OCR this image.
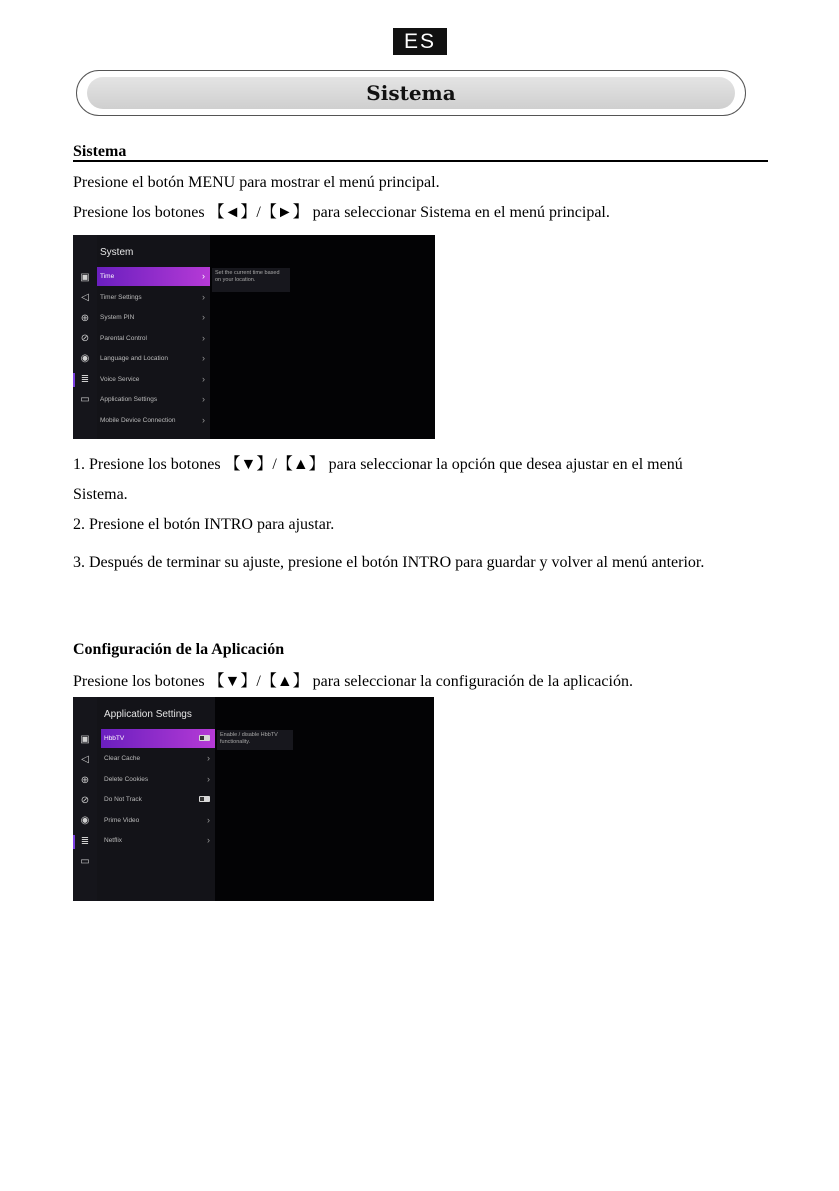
ES
Sistema
Sistema
Presione el botón MENU para mostrar el menú principal.
Presione los botones 【◄】/【►】 para seleccionar Sistema en el menú principal.
▣
◁
⊕
⊘
◉
≣
▭
System
Time	›
Timer Settings	›
System PIN	›
Parental Control	›
Language and Location	›
Voice Service	›
Application Settings	›
Mobile Device Connection	›
Set the current time based on your location.
1. Presione los botones 【▼】/【▲】 para seleccionar la opción que desea ajustar en el menú
Sistema.
2. Presione el botón INTRO para ajustar.
3. Después de terminar su ajuste, presione el botón INTRO para guardar y volver al menú anterior.
Configuración de la Aplicación
Presione los botones 【▼】/【▲】 para seleccionar la configuración de la aplicación.
▣
◁
⊕
⊘
◉
≣
▭
Application Settings
HbbTV
Clear Cache	›
Delete Cookies	›
Do Not Track
Prime Video	›
Netflix	›
Enable / disable HbbTV functionality.
